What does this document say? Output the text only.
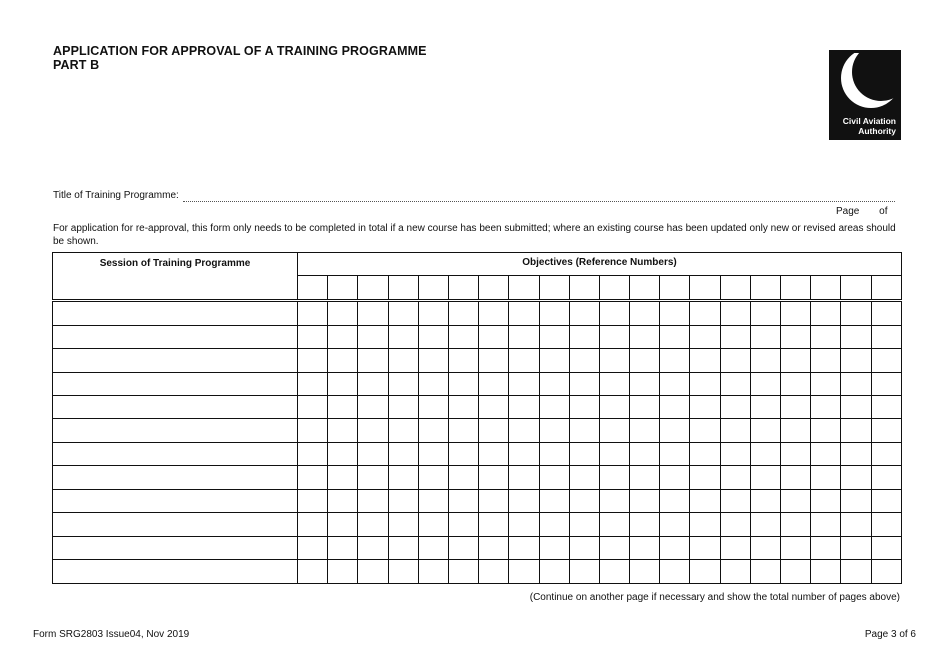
APPLICATION FOR APPROVAL OF A TRAINING PROGRAMME
PART B
Civil Aviation
Authority
Title of Training Programme:
Page of
For application for re-approval, this form only needs to be completed in total if a new course has been submitted; where an existing course has been updated only new or revised areas should be shown.
Session of Training Programme	Objectives (Reference Numbers)																			

(Continue on another page if necessary and show the total number of pages above)
Form SRG2803 Issue04, Nov 2019	Page 3 of 6
